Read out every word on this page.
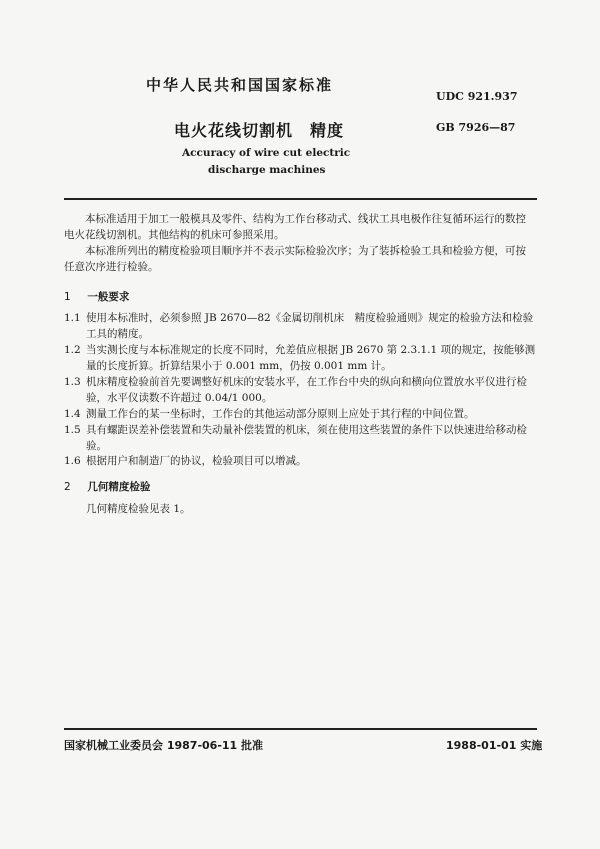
中华人民共和国国家标准
UDC 921.937
电火花线切割机　精度	GB 7926—87
Accuracy of wire cut electric
discharge machines

本标准适用于加工一般模具及零件、结构为工作台移动式、线状工具电极作往复循环运行的数控电火花线切割机。其他结构的机床可参照采用。

本标准所列出的精度检验项目顺序并不表示实际检验次序；为了装拆检验工具和检验方便，可按任意次序进行检验。

1 一般要求
1.1 使用本标准时，必须参照 JB 2670—82《金属切削机床　精度检验通则》规定的检验方法和检验工具的精度。
1.2 当实测长度与本标准规定的长度不同时，允差值应根据 JB 2670 第 2.3.1.1 项的规定，按能够测量的长度折算。折算结果小于 0.001 mm，仍按 0.001 mm 计。
1.3 机床精度检验前首先要调整好机床的安装水平，在工作台中央的纵向和横向位置放水平仪进行检验，水平仪读数不许超过 0.04/1 000。
1.4 测量工作台的某一坐标时，工作台的其他运动部分原则上应处于其行程的中间位置。
1.5 具有螺距误差补偿装置和失动量补偿装置的机床，须在使用这些装置的条件下以快速进给移动检验。
1.6 根据用户和制造厂的协议，检验项目可以增减。
2 几何精度检验
几何精度检验见表 1。
国家机械工业委员会 1987-06-11 批准	1988-01-01 实施
